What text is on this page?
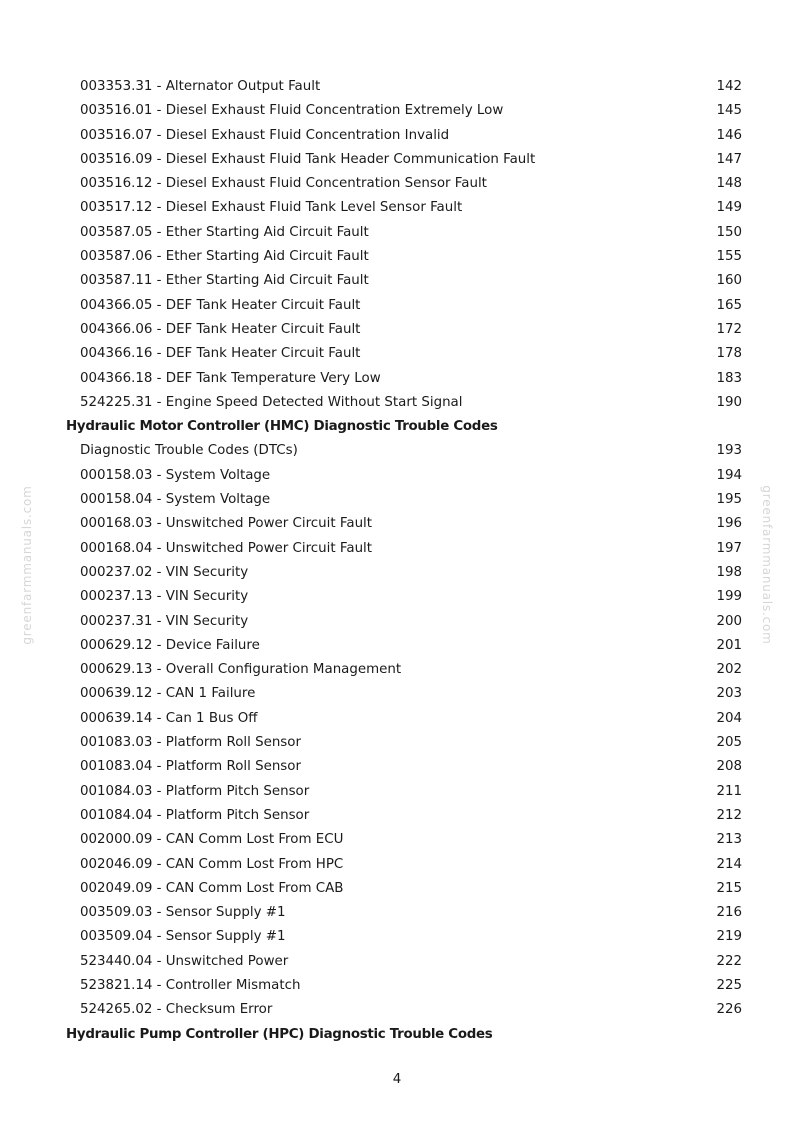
greenfarmmanuals.com	greenfarmmanuals.com
003353.31 - Alternator Output Fault	142
003516.01 - Diesel Exhaust Fluid Concentration Extremely Low	145
003516.07 - Diesel Exhaust Fluid Concentration Invalid	146
003516.09 - Diesel Exhaust Fluid Tank Header Communication Fault	147
003516.12 - Diesel Exhaust Fluid Concentration Sensor Fault	148
003517.12 - Diesel Exhaust Fluid Tank Level Sensor Fault	149
003587.05 - Ether Starting Aid Circuit Fault	150
003587.06 - Ether Starting Aid Circuit Fault	155
003587.11 - Ether Starting Aid Circuit Fault	160
004366.05 - DEF Tank Heater Circuit Fault	165
004366.06 - DEF Tank Heater Circuit Fault	172
004366.16 - DEF Tank Heater Circuit Fault	178
004366.18 - DEF Tank Temperature Very Low	183
524225.31 - Engine Speed Detected Without Start Signal	190
Hydraulic Motor Controller (HMC) Diagnostic Trouble Codes
Diagnostic Trouble Codes (DTCs)	193
000158.03 - System Voltage	194
000158.04 - System Voltage	195
000168.03 - Unswitched Power Circuit Fault	196
000168.04 - Unswitched Power Circuit Fault	197
000237.02 - VIN Security	198
000237.13 - VIN Security	199
000237.31 - VIN Security	200
000629.12 - Device Failure	201
000629.13 - Overall Configuration Management	202
000639.12 - CAN 1 Failure	203
000639.14 - Can 1 Bus Off	204
001083.03 - Platform Roll Sensor	205
001083.04 - Platform Roll Sensor	208
001084.03 - Platform Pitch Sensor	211
001084.04 - Platform Pitch Sensor	212
002000.09 - CAN Comm Lost From ECU	213
002046.09 - CAN Comm Lost From HPC	214
002049.09 - CAN Comm Lost From CAB	215
003509.03 - Sensor Supply #1	216
003509.04 - Sensor Supply #1	219
523440.04 - Unswitched Power	222
523821.14 - Controller Mismatch	225
524265.02 - Checksum Error	226
Hydraulic Pump Controller (HPC) Diagnostic Trouble Codes
4
